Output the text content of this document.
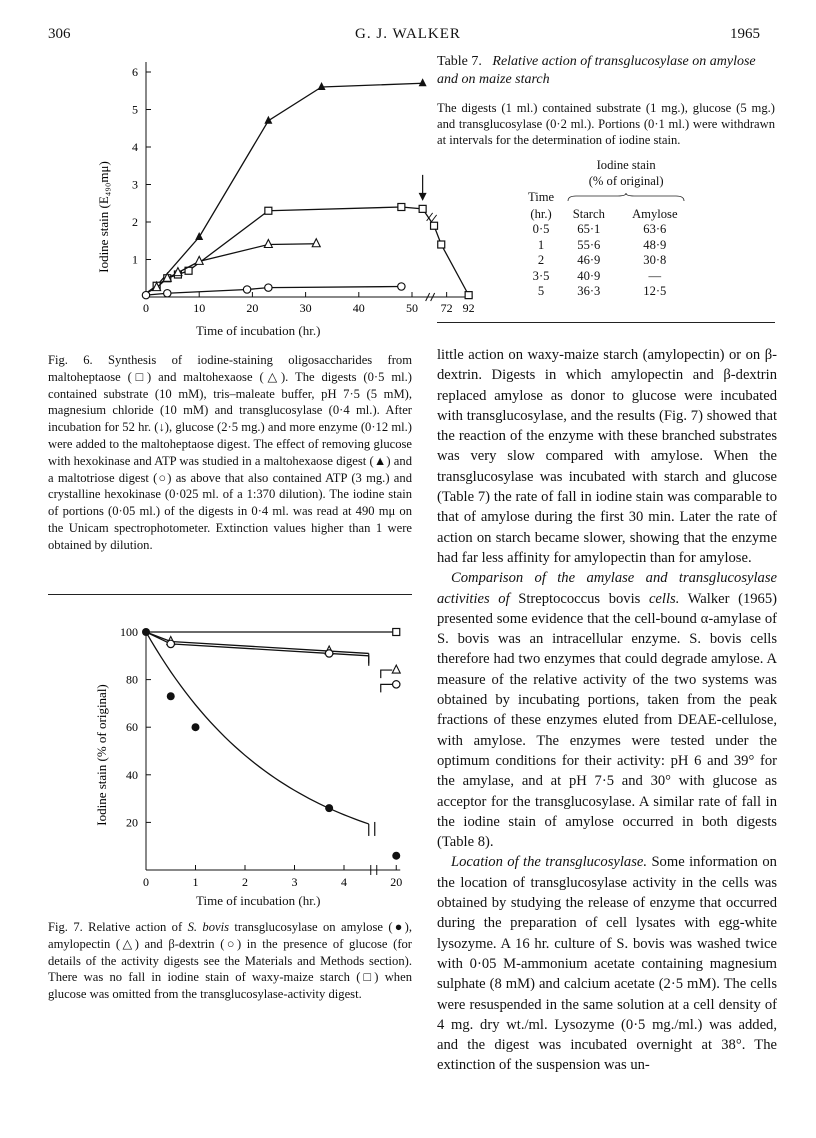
306	G. J. WALKER	1965
1
2
3
4
5
6
0	10	20	30	40	50 72 92
Iodine stain (E₄₉₀mμ)
Time of incubation (hr.)
Fig. 6. Synthesis of iodine-staining oligosaccharides from maltoheptaose (□) and maltohexaose (△). The digests (0·5 ml.) contained substrate (10 mM), tris–maleate buffer, pH 7·5 (5 mM), magnesium chloride (10 mM) and transglucosylase (0·4 ml.). After incubation for 52 hr. (↓), glucose (2·5 mg.) and more enzyme (0·12 ml.) were added to the maltoheptaose digest. The effect of removing glucose with hexokinase and ATP was studied in a maltohexaose digest (▲) and a maltotriose digest (○) as above that also contained ATP (3 mg.) and crystalline hexokinase (0·025 ml. of a 1:370 dilution). The iodine stain of portions (0·05 ml.) of the digests in 0·4 ml. was read at 490 mμ on the Unicam spectrophotometer. Extinction values higher than 1 were obtained by dilution.
20
40
60
80
100
0	1	2	3	4	20
Iodine stain (% of original)
Time of incubation (hr.)
Fig. 7. Relative action of S. bovis transglucosylase on amylose (●), amylopectin (△) and β-dextrin (○) in the presence of glucose (for details of the activity digests see the Materials and Methods section). There was no fall in iodine stain of waxy-maize starch (□) when glucose was omitted from the transglucosylase-activity digest.
Table 7. Relative action of transglucosylase on amylose and on maize starch
The digests (1 ml.) contained substrate (1 mg.), glucose (5 mg.) and transglucosylase (0·2 ml.). Portions (0·1 ml.) were withdrawn at intervals for the determination of iodine stain.
	Iodine stain	
	(% of original)	
Time	
(hr.)	Starch	Amylose
0·5	65·1	63·6
1	55·6	48·9
2	46·9	30·8
3·5	40·9	—
5	36·3	12·5

little action on waxy-maize starch (amylopectin) or on β-dextrin. Digests in which amylopectin and β-dextrin replaced amylose as donor to glucose were incubated with transglucosylase, and the results (Fig. 7) showed that the reaction of the enzyme with these branched substrates was very slow compared with amylose. When the transglucosylase was incubated with starch and glucose (Table 7) the rate of fall in iodine stain was comparable to that of amylose during the first 30 min. Later the rate of action on starch became slower, showing that the enzyme had far less affinity for amylopectin than for amylose.

Comparison of the amylase and transglucosylase activities of Streptococcus bovis cells. Walker (1965) presented some evidence that the cell-bound α-amylase of S. bovis was an intracellular enzyme. S. bovis cells therefore had two enzymes that could degrade amylose. A measure of the relative activity of the two systems was obtained by incubating portions, taken from the peak fractions of these enzymes eluted from DEAE-cellulose, with amylose. The enzymes were tested under the optimum conditions for their activity: pH 6 and 39° for the amylase, and at pH 7·5 and 30° with glucose as acceptor for the transglucosylase. A similar rate of fall in the iodine stain of amylose occurred in both digests (Table 8).

Location of the transglucosylase. Some information on the location of transglucosylase activity in the cells was obtained by studying the release of enzyme that occurred during the preparation of cell lysates with egg-white lysozyme. A 16 hr. culture of S. bovis was washed twice with 0·05 M-ammonium acetate containing magnesium sulphate (8 mM) and calcium acetate (2·5 mM). The cells were resuspended in the same solution at a cell density of 4 mg. dry wt./ml. Lysozyme (0·5 mg./ml.) was added, and the digest was incubated overnight at 38°. The extinction of the suspension was un-
